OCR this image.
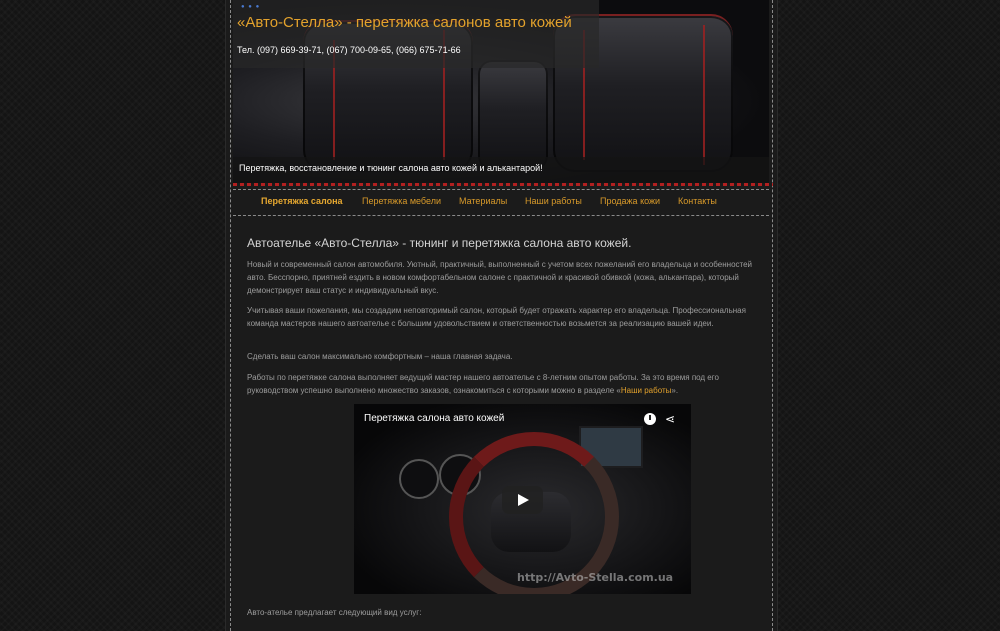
● ● ●
«Авто-Стелла» - перетяжка салонов авто кожей
Тел. (097) 669-39-71, (067) 700-09-65, (066) 675-71-66
Перетяжка, восстановление и тюнинг салона авто кожей и алькантарой!
Перетяжка салона Перетяжка мебели Материалы Наши работы Продажа кожи Контакты
Автоателье «Авто-Стелла» - тюнинг и перетяжка салона авто кожей.

Новый и современный салон автомобиля. Уютный, практичный, выполненный с учетом всех пожеланий его владельца и особенностей авто. Бесспорно, приятней ездить в новом комфортабельном салоне с практичной и красивой обивкой (кожа, алькантара), который демонстрирует ваш статус и индивидуальный вкус.

Учитывая ваши пожелания, мы создадим неповторимый салон, который будет отражать характер его владельца. Профессиональная команда мастеров нашего автоателье с большим удовольствием и ответственностью возьмется за реализацию вашей идеи.

Сделать ваш салон максимально комфортным – наша главная задача.

Работы по перетяжке салона выполняет ведущий мастер нашего автоателье с 8-летним опытом работы. За это время под его руководством успешно выполнено множество заказов, ознакомиться с которыми можно в разделе «Наши работы».

Перетяжка салона авто кожей	⋖
http://Avto-Stella.com.ua

Авто-ателье предлагает следующий вид услуг:
